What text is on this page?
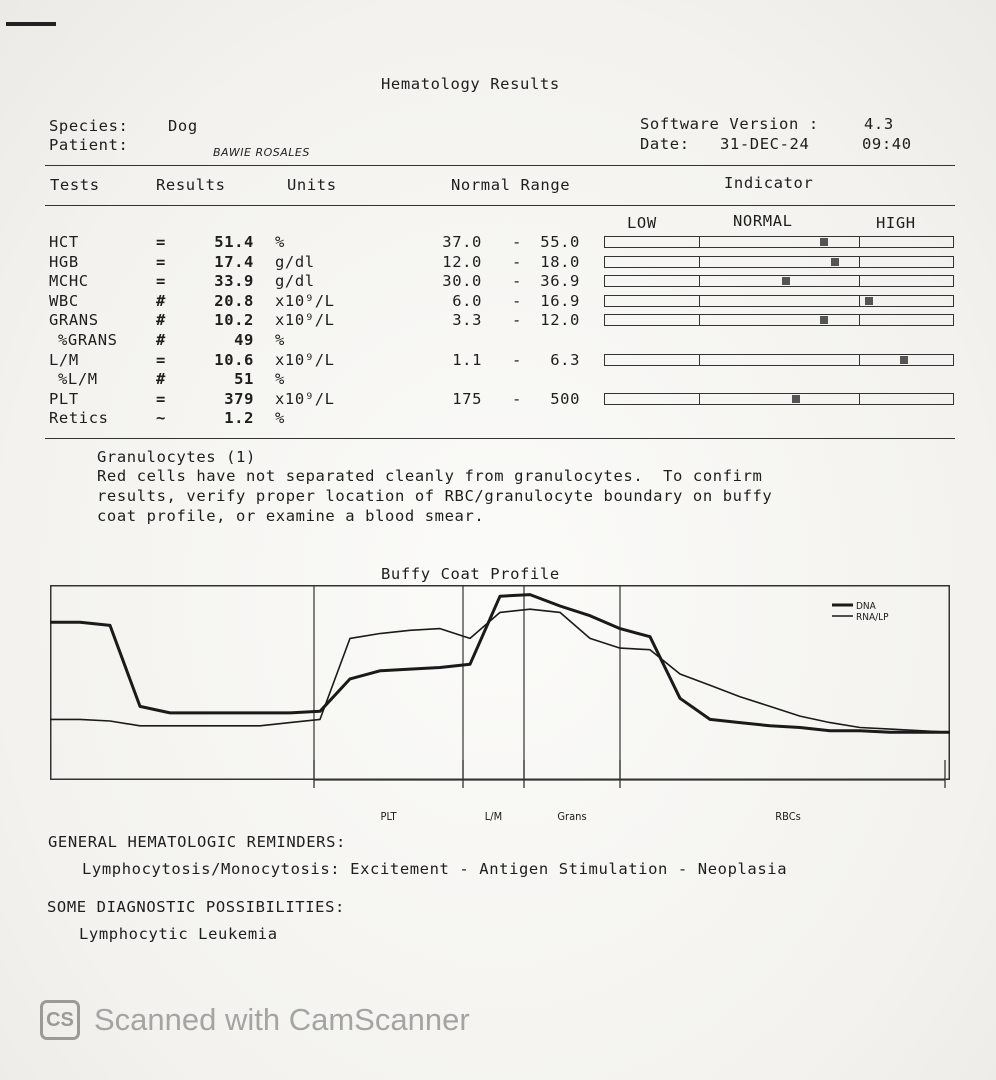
Hematology Results
Species:	Dog
Patient:	BAWIE ROSALES
Software Version :	4.3
Date: 31-DEC-24	09:40
Tests	Results	Units	Normal Range	Indicator
LOW	NORMAL	HIGH
HCT	=	51.4 %	37.0 -	55.0
HGB	=	17.4 g/dl	12.0 -	18.0
MCHC	=	33.9 g/dl	30.0 -	36.9
WBC	#	20.8 x10⁹/L	6.0 -	16.9
GRANS	#	10.2 x10⁹/L	3.3 -	12.0
%GRANS #	49 %
L/M	=	10.6 x10⁹/L	1.1 -	6.3
%L/M	#	51 %
PLT	=	379 x10⁹/L	175 -	500
Retics	~	1.2 %
Granulocytes (1)
Red cells have not separated cleanly from granulocytes.  To confirm
results, verify proper location of RBC/granulocyte boundary on buffy
coat profile, or examine a blood smear.
Buffy Coat Profile
DNA
RNA/LP
PLT	L/M	Grans	RBCs
GENERAL HEMATOLOGIC REMINDERS:
Lymphocytosis/Monocytosis: Excitement - Antigen Stimulation - Neoplasia
SOME DIAGNOSTIC POSSIBILITIES:
Lymphocytic Leukemia
CS Scanned with CamScanner
